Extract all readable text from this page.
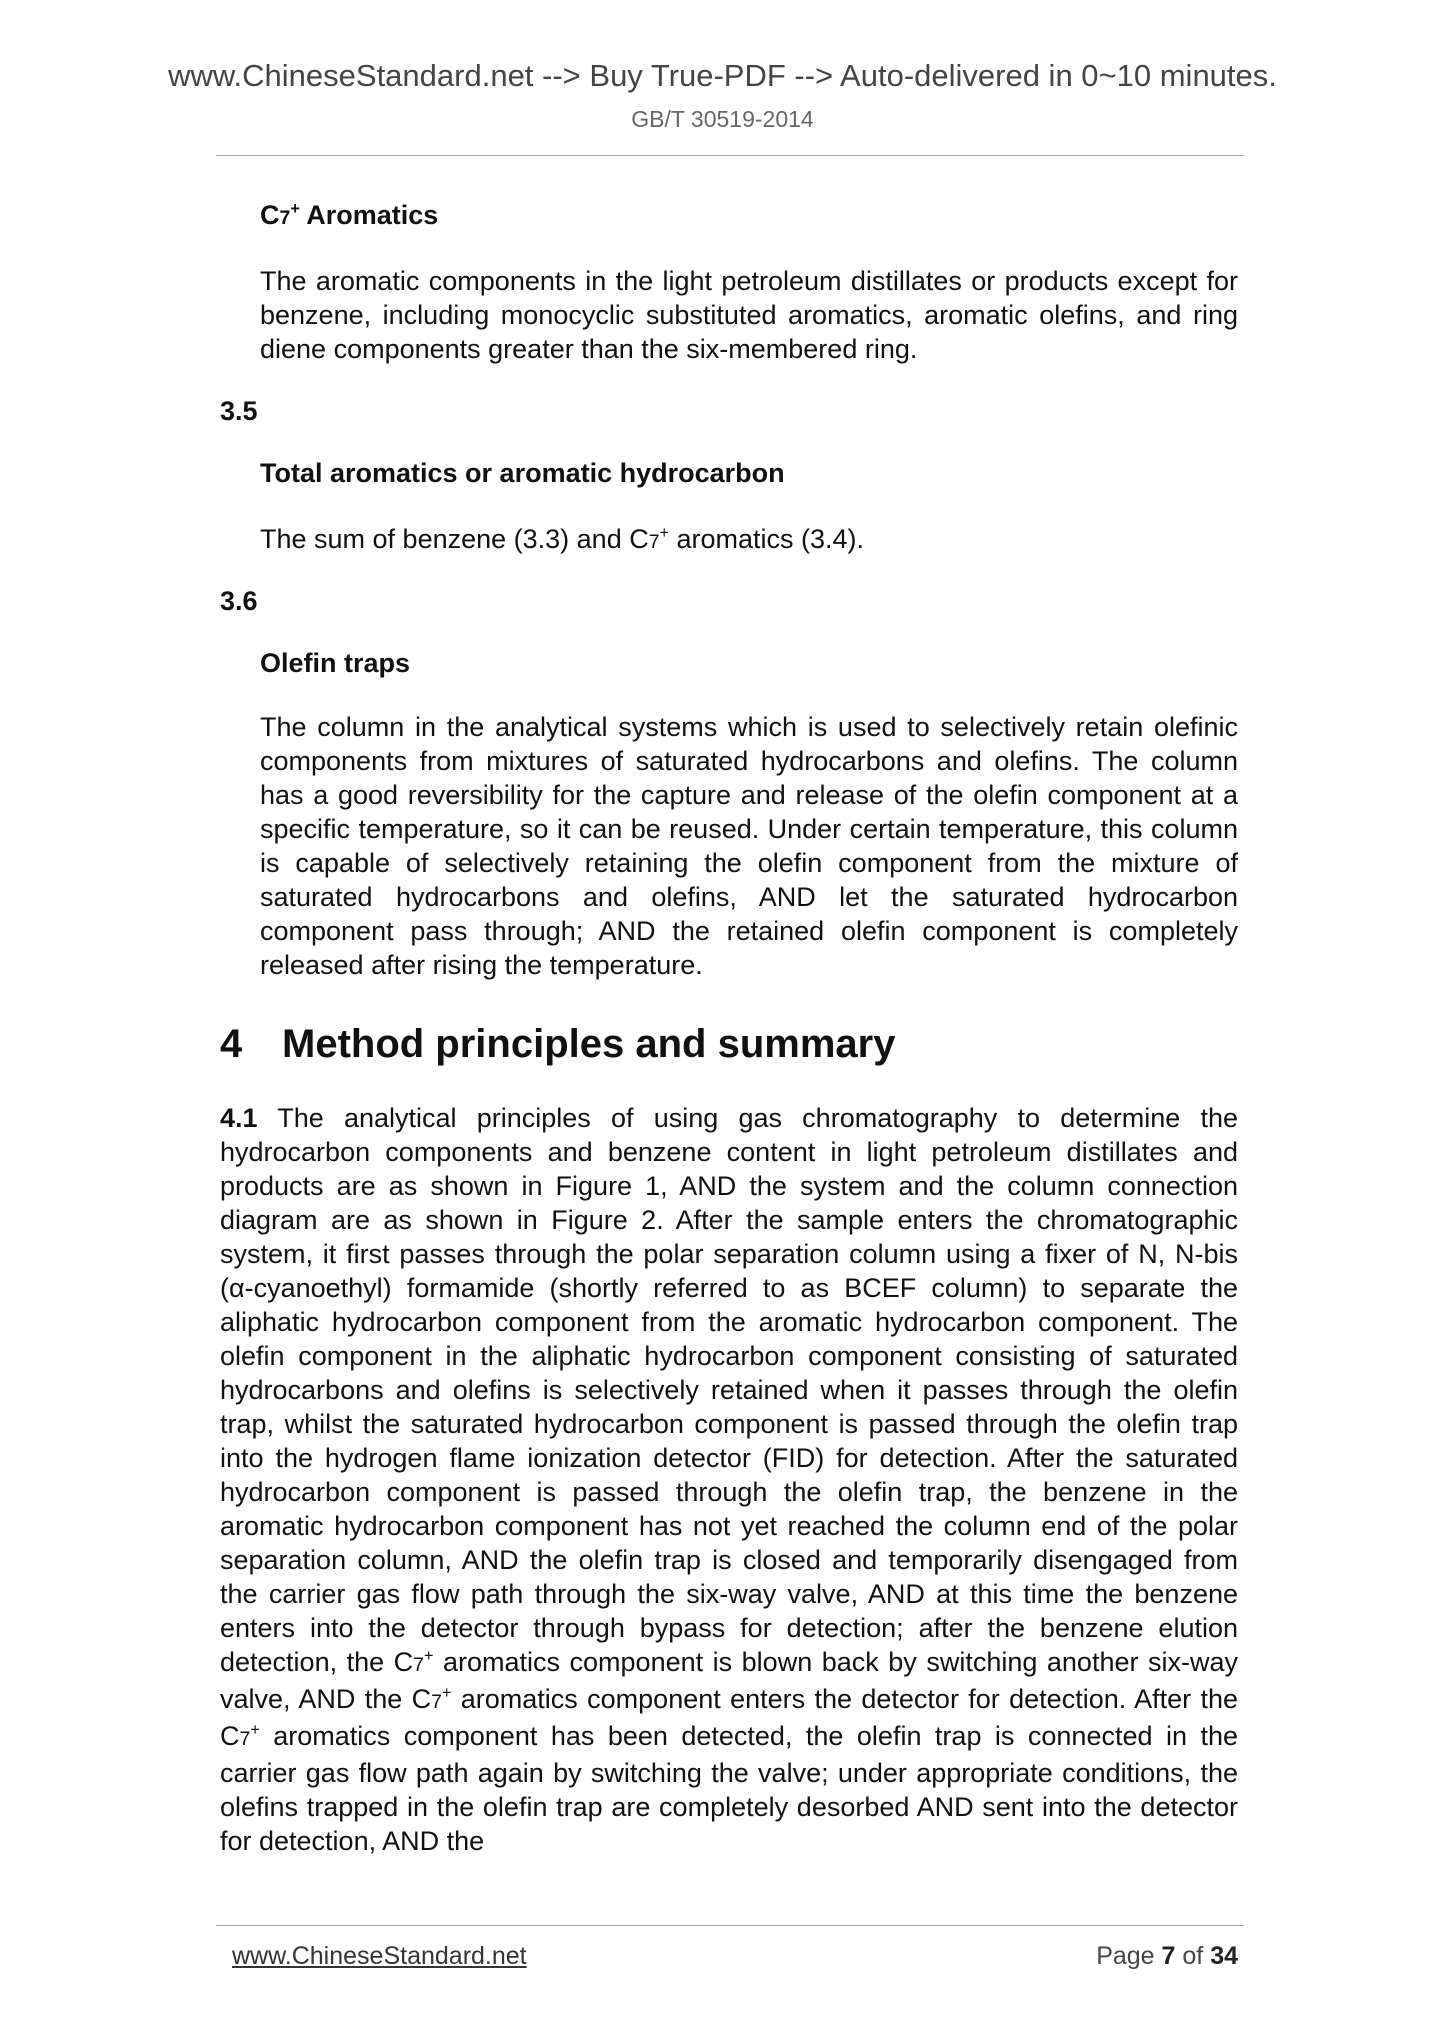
www.ChineseStandard.net --> Buy True-PDF --> Auto-delivered in 0~10 minutes.
GB/T 30519-2014
C7+ Aromatics

The aromatic components in the light petroleum distillates or products except for benzene, including monocyclic substituted aromatics, aromatic olefins, and ring diene components greater than the six-membered ring.

3.5
Total aromatics or aromatic hydrocarbon

The sum of benzene (3.3) and C7+ aromatics (3.4).

3.6
Olefin traps

The column in the analytical systems which is used to selectively retain olefinic components from mixtures of saturated hydrocarbons and olefins. The column has a good reversibility for the capture and release of the olefin component at a specific temperature, so it can be reused. Under certain temperature, this column is capable of selectively retaining the olefin component from the mixture of saturated hydrocarbons and olefins, AND let the saturated hydrocarbon component pass through; AND the retained olefin component is completely released after rising the temperature.

4 Method principles and summary

4.1 The analytical principles of using gas chromatography to determine the hydrocarbon components and benzene content in light petroleum distillates and products are as shown in Figure 1, AND the system and the column connection diagram are as shown in Figure 2. After the sample enters the chromatographic system, it first passes through the polar separation column using a fixer of N, N-bis (α-cyanoethyl) formamide (shortly referred to as BCEF column) to separate the aliphatic hydrocarbon component from the aromatic hydrocarbon component. The olefin component in the aliphatic hydrocarbon component consisting of saturated hydrocarbons and olefins is selectively retained when it passes through the olefin trap, whilst the saturated hydrocarbon component is passed through the olefin trap into the hydrogen flame ionization detector (FID) for detection. After the saturated hydrocarbon component is passed through the olefin trap, the benzene in the aromatic hydrocarbon component has not yet reached the column end of the polar separation column, AND the olefin trap is closed and temporarily disengaged from the carrier gas flow path through the six-way valve, AND at this time the benzene enters into the detector through bypass for detection; after the benzene elution detection, the C7+ aromatics component is blown back by switching another six-way valve, AND the C7+ aromatics component enters the detector for detection. After the C7+ aromatics component has been detected, the olefin trap is connected in the carrier gas flow path again by switching the valve; under appropriate conditions, the olefins trapped in the olefin trap are completely desorbed AND sent into the detector for detection, AND the

www.ChineseStandard.net	Page 7 of 34
